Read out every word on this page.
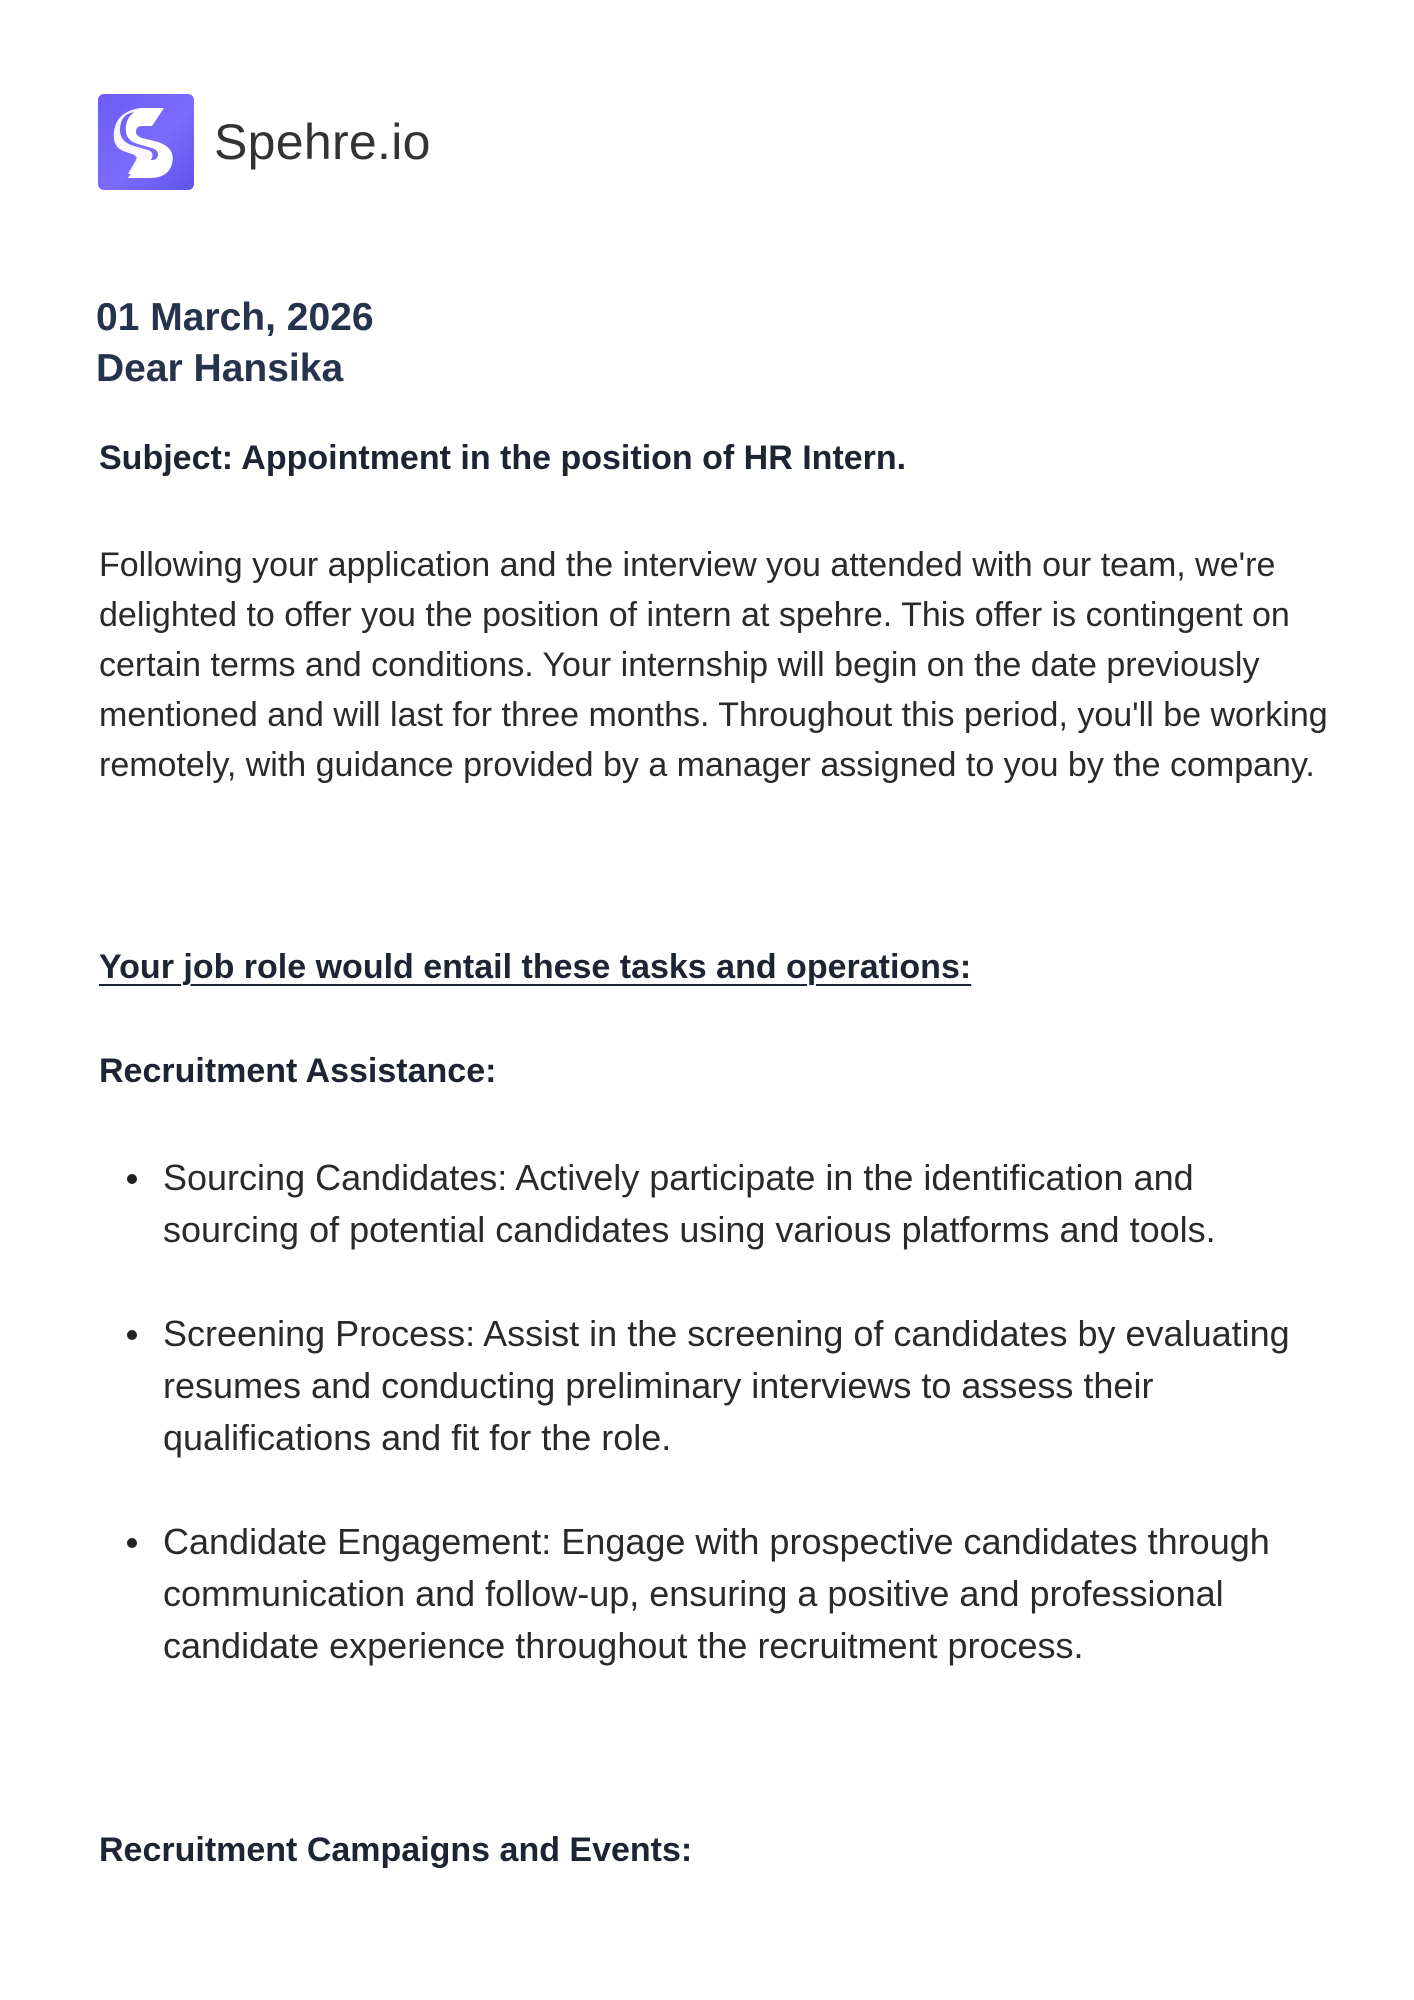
Spehre.io
01 March, 2026
Dear Hansika
Subject: Appointment in the position of HR Intern.

Following your application and the interview you attended with our team, we're delighted to offer you the position of intern at spehre. This offer is contingent on certain terms and conditions. Your internship will begin on the date previously mentioned and will last for three months. Throughout this period, you'll be working remotely, with guidance provided by a manager assigned to you by the company.

Your job role would entail these tasks and operations:
Recruitment Assistance:
Sourcing Candidates: Actively participate in the identification and sourcing of potential candidates using various platforms and tools.
Screening Process: Assist in the screening of candidates by evaluating resumes and conducting preliminary interviews to assess their qualifications and fit for the role.
Candidate Engagement: Engage with prospective candidates through communication and follow-up, ensuring a positive and professional candidate experience throughout the recruitment process.
Recruitment Campaigns and Events:
